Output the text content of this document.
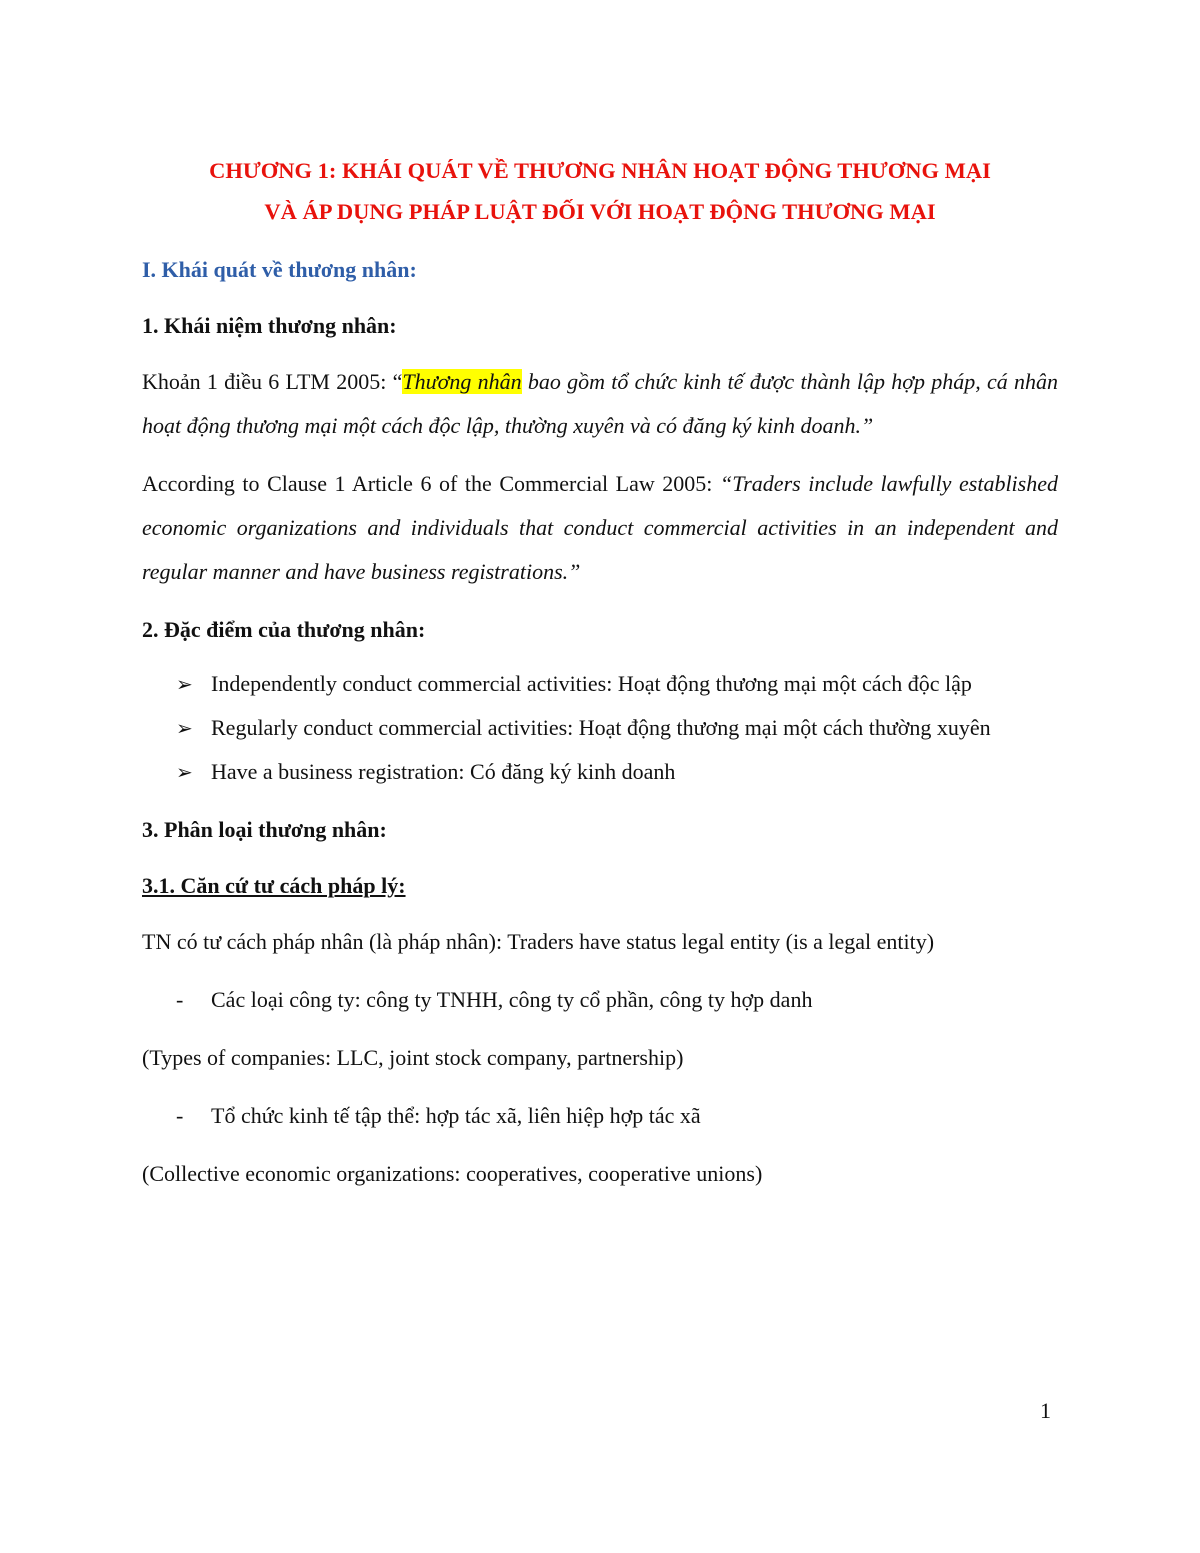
CHƯƠNG 1: KHÁI QUÁT VỀ THƯƠNG NHÂN HOẠT ĐỘNG THƯƠNG MẠI
VÀ ÁP DỤNG PHÁP LUẬT ĐỐI VỚI HOẠT ĐỘNG THƯƠNG MẠI

I. Khái quát về thương nhân:

1. Khái niệm thương nhân:

Khoản 1 điều 6 LTM 2005: “Thương nhân bao gồm tổ chức kinh tế được thành lập hợp pháp, cá nhân hoạt động thương mại một cách độc lập, thường xuyên và có đăng ký kinh doanh.”

According to Clause 1 Article 6 of the Commercial Law 2005: “Traders include lawfully established economic organizations and individuals that conduct commercial activities in an independent and regular manner and have business registrations.”

2. Đặc điểm của thương nhân:

➢ Independently conduct commercial activities: Hoạt động thương mại một cách độc lập

➢ Regularly conduct commercial activities: Hoạt động thương mại một cách thường xuyên

➢ Have a business registration: Có đăng ký kinh doanh

3. Phân loại thương nhân:

3.1. Căn cứ tư cách pháp lý:

TN có tư cách pháp nhân (là pháp nhân): Traders have status legal entity (is a legal entity)

- Các loại công ty: công ty TNHH, công ty cổ phần, công ty hợp danh

(Types of companies: LLC, joint stock company, partnership)

- Tổ chức kinh tế tập thể: hợp tác xã, liên hiệp hợp tác xã

(Collective economic organizations: cooperatives, cooperative unions)

1
